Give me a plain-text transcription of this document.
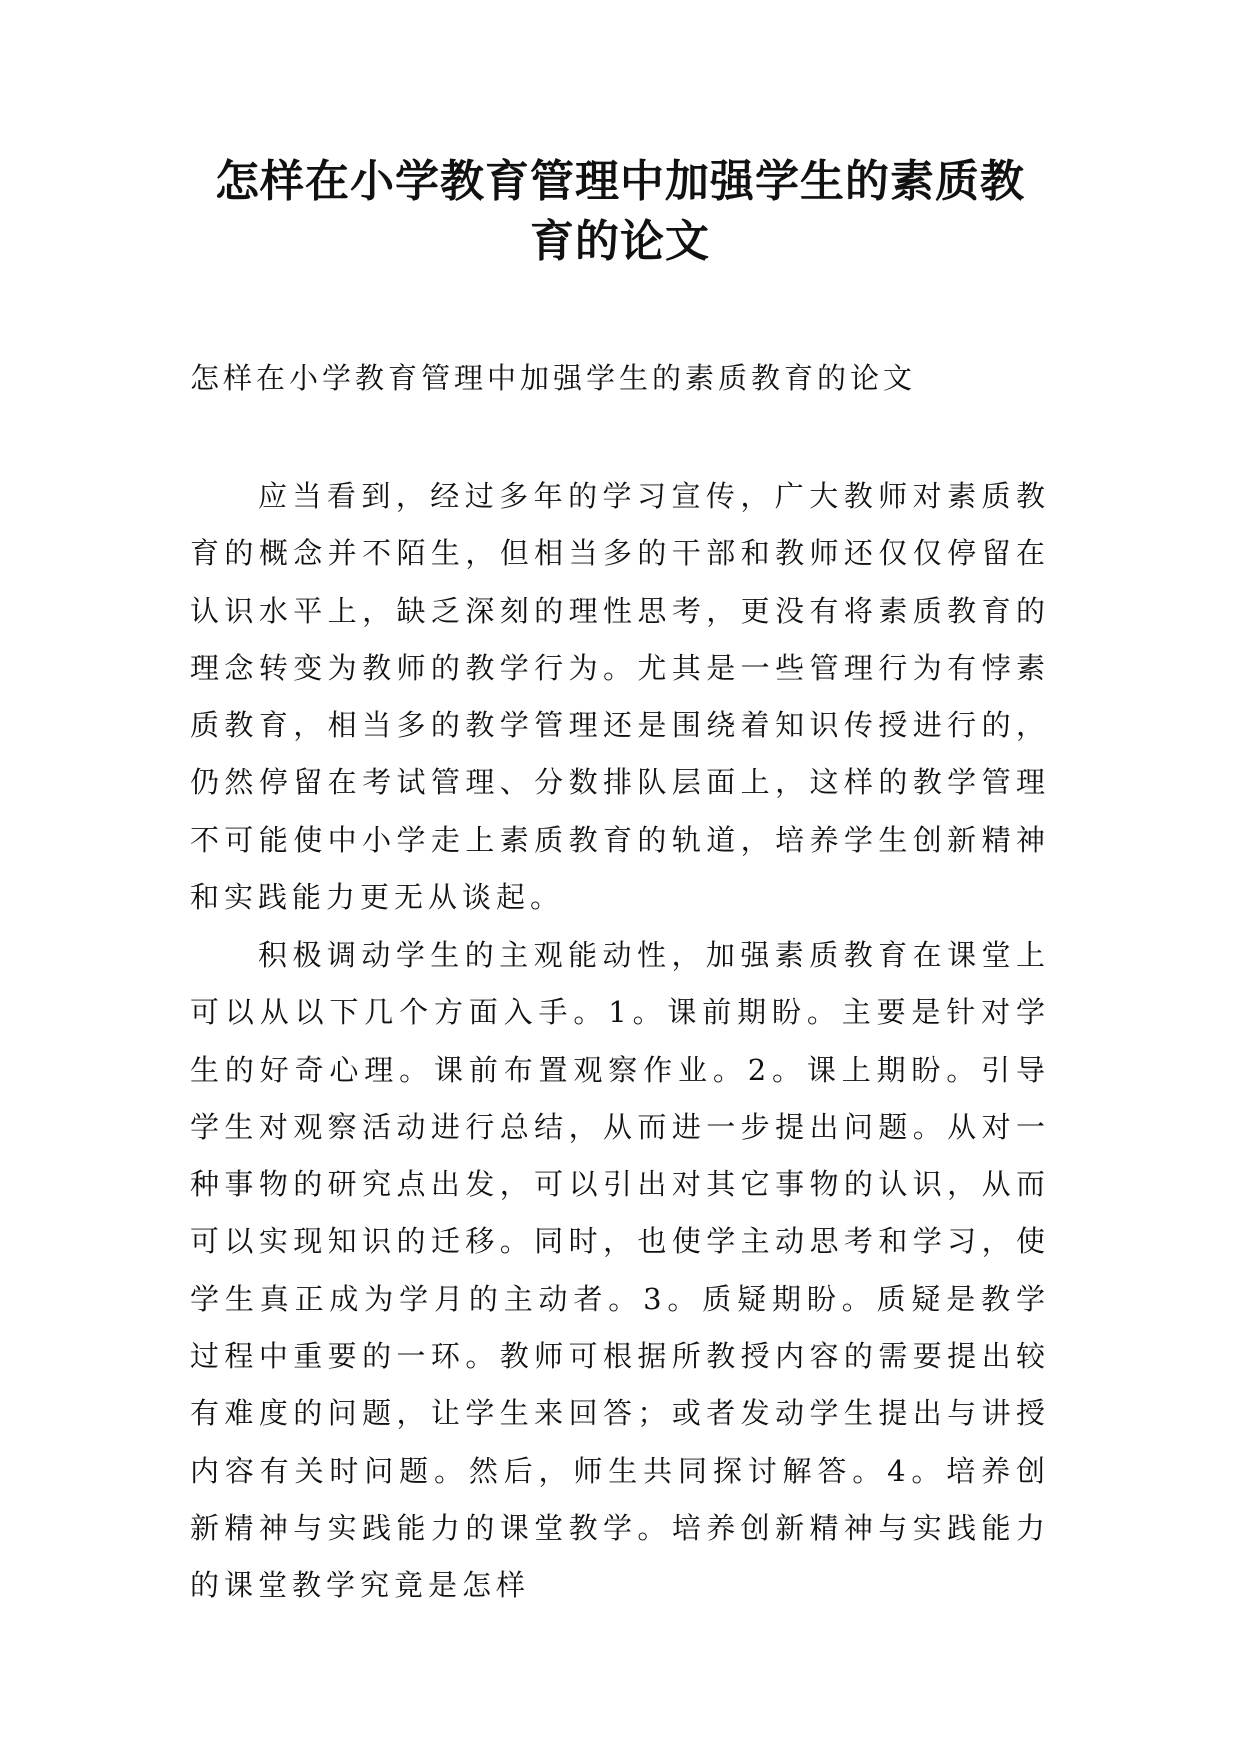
怎样在小学教育管理中加强学生的素质教
育的论文

怎样在小学教育管理中加强学生的素质教育的论文

应当看到，经过多年的学习宣传，广大教师对素质教育的概念并不陌生，但相当多的干部和教师还仅仅停留在认识水平上，缺乏深刻的理性思考，更没有将素质教育的理念转变为教师的教学行为。尤其是一些管理行为有悖素质教育，相当多的教学管理还是围绕着知识传授进行的，仍然停留在考试管理、分数排队层面上，这样的教学管理不可能使中小学走上素质教育的轨道，培养学生创新精神和实践能力更无从谈起。

积极调动学生的主观能动性，加强素质教育在课堂上可以从以下几个方面入手。1。课前期盼。主要是针对学生的好奇心理。课前布置观察作业。2。课上期盼。引导学生对观察活动进行总结，从而进一步提出问题。从对一种事物的研究点出发，可以引出对其它事物的认识，从而可以实现知识的迁移。同时，也使学主动思考和学习，使学生真正成为学月的主动者。3。质疑期盼。质疑是教学过程中重要的一环。教师可根据所教授内容的需要提出较有难度的问题，让学生来回答；或者发动学生提出与讲授内容有关时问题。然后，师生共同探讨解答。4。培养创新精神与实践能力的课堂教学。培养创新精神与实践能力的课堂教学究竟是怎样
